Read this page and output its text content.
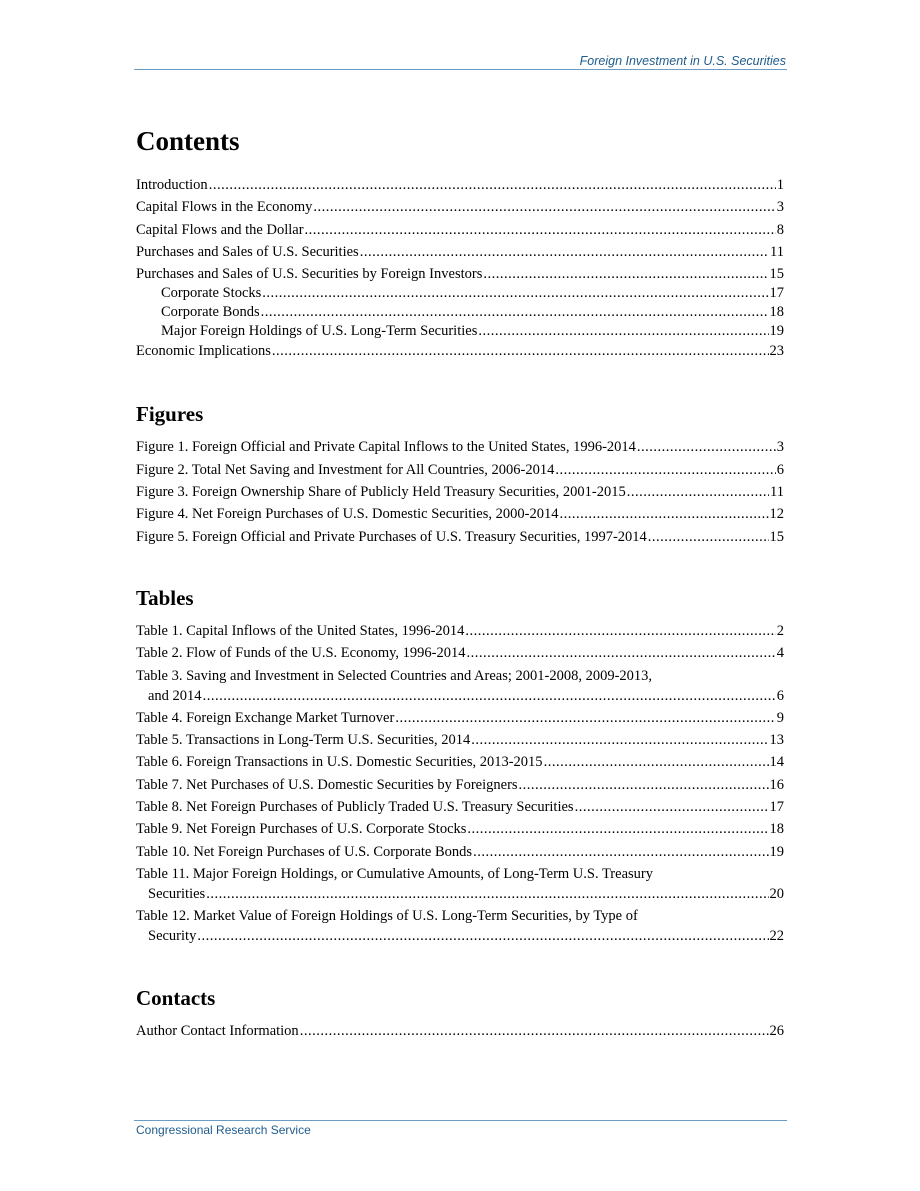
Foreign Investment in U.S. Securities
Contents
Introduction .....	1
Capital Flows in the Economy .....	3
Capital Flows and the Dollar .....	8
Purchases and Sales of U.S. Securities .....	11
Purchases and Sales of U.S. Securities by Foreign Investors .....	15
Corporate Stocks .....	17
Corporate Bonds .....	18
Major Foreign Holdings of U.S. Long-Term Securities .....	19
Economic Implications .....	23
Figures
Figure 1. Foreign Official and Private Capital Inflows to the United States, 1996-2014 .....	3
Figure 2. Total Net Saving and Investment for All Countries, 2006-2014 .....	6
Figure 3. Foreign Ownership Share of Publicly Held Treasury Securities, 2001-2015 .....	11
Figure 4. Net Foreign Purchases of U.S. Domestic Securities, 2000-2014 .....	12
Figure 5. Foreign Official and Private Purchases of U.S. Treasury Securities, 1997-2014 .....	15
Tables
Table 1. Capital Inflows of the United States, 1996-2014 .....	2
Table 2. Flow of Funds of the U.S. Economy, 1996-2014 .....	4
Table 3. Saving and Investment in Selected Countries and Areas; 2001-2008, 2009-2013,
and 2014 .....	6
Table 4. Foreign Exchange Market Turnover .....	9
Table 5. Transactions in Long-Term U.S. Securities, 2014 .....	13
Table 6. Foreign Transactions in U.S. Domestic Securities, 2013-2015 .....	14
Table 7. Net Purchases of U.S. Domestic Securities by Foreigners .....	16
Table 8. Net Foreign Purchases of Publicly Traded U.S. Treasury Securities .....	17
Table 9. Net Foreign Purchases of U.S. Corporate Stocks .....	18
Table 10. Net Foreign Purchases of U.S. Corporate Bonds .....	19
Table 11. Major Foreign Holdings, or Cumulative Amounts, of Long-Term U.S. Treasury
Securities .....	20
Table 12. Market Value of Foreign Holdings of U.S. Long-Term Securities, by Type of
Security .....	22
Contacts
Author Contact Information .....	26
Congressional Research Service
